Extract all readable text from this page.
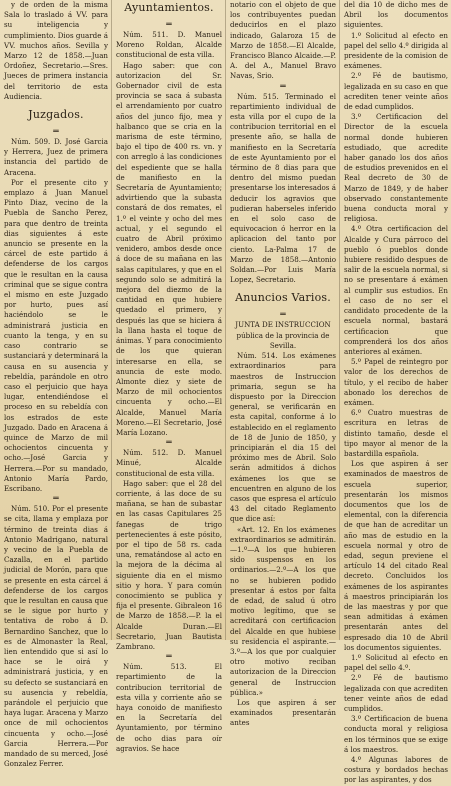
y de orden de la misma Sala lo traslado á VV. para su inteligencia y cumplimiento. Dios guarde á VV. muchos años. Sevilla y Marzo 12 de 1858.—Juan Ordoñez, Secretario.—Sres. Jueces de primera instancia del territorio de esta Audiencia.

Juzgados.
═

Núm. 509. D. José Garcia y Herrera, Juez de primera instancia del partido de Aracena.

Por el presente cito y emplazo á Juan Manuel Pinto Diaz, vecino de la Puebla de Sancho Perez, para que dentro de treinta dias siguientes á este anuncio se presente en la cárcel de este partido á defenderse de los cargos que le resultan en la causa criminal que se sigue contra el mismo en este Juzgado por hurto, pues así haciéndolo se le administrará justicia en cuanto la tenga, y en su caso contrario se sustanciará y determinará la causa en su ausencia y rebeldía, parándole en otro caso el perjuicio que haya lugar, entendiéndose el proceso en su rebeldía con los estrados de este Juzgado. Dado en Aracena á quince de Marzo de mil ochocientos cincuenta y ocho.—José Garcia y Herrera.—Por su mandado, Antonio María Pardo, Escribano.

═

Núm. 510. Por el presente se cita, llama y emplaza por término de treinta dias á Antonio Madrigano, natural y vecino de la Puebla de Cazalla, en el partido judicial de Morón, para que se presente en esta cárcel á defenderse de los cargos que le resultan en causa que se le sigue por hurto y tentativa de robo á D. Bernardino Sanchez, que lo es de Almonaster la Real, lien entendido que si así lo hace se le oirá y administrará justicia, y en su defecto se sustanciará en su ausencia y rebeldía, parándole el perjuicio que haya lugar. Aracena y Marzo once de mil ochocientos cincuenta y ocho.—José Garcia Herrera.—Por mandado de su merced, José Gonzalez Ferrer.

Ayuntamientos.
═

Núm. 511. D. Manuel Moreno Roldan, Alcalde constitucional de esta villa.

Hago saber: que con autorizacion del Sr. Gobernador civil de esta provincia se saca á subasta el arrendamiento por cuatro años del junco fijo, mea y halbanco que se cria en la marisma de este término, bajo el tipo de 400 rs. vn. y con arreglo á las condiciones del espediente que se halla de manifiesto en la Secretaría de Ayuntamiento; advirtiendo que la subasta constará de dos remates, el 1.º el veinte y ocho del mes actual, y el segundo el cuatro de Abril próximo venidero, ambos desde once á doce de su mañana en las salas capitulares, y que en el segundo solo se admitirá la mejora del diezmo de la cantidad en que hubiere quedado el primero, y después las que se hiciera á la llana hasta el toque de ánimas. Y para conocimiento de los que quieran interesarse en ella, se anuncia de este modo. Almonte diez y siete de Marzo de mil ochocientos cincuenta y ocho.—El Alcalde, Manuel María Moreno.—El Secretario, José María Lozano.

═

Núm. 512. D. Manuel Minué, Alcalde constitucional de esta villa.

Hago saber: que el 28 del corriente, á las doce de su mañana, se han de subastar en las casas Capitulares 25 fanegas de trigo pertenecientes á este pósito, por el tipo de 58 rs. cada una, rematándose al acto en la mejora de la décima al siguiente dia en el mismo sitio y hora. Y para común conocimiento se publica y fija el presente. Gibraleon 16 de Marzo de 1858.—P. la el Alcalde Duran.—El Secretario, Juan Bautista Zambrano.

═

Núm. 513. El repartimiento de la contribucion territorial de esta villa y corriente año se haya conoido de manifiesto en la Secretaría del Ayuntamiento, por término de ocho dias para oír agravios. Se hace

notario con el objeto de que los contribuyentes puedan deducirlos en el plazo indicado, Galaroza 15 de Marzo de 1858.—El Alcalde, Francisco Blanco Alcaide.—P. A. del A., Manuel Bravo Navas, Srio.

═

Núm. 515. Terminado el repartimiento individual de esta villa por el cupo de la contribucion territorial en el presente año, se halla de manifiesto en la Secretaría de este Ayuntamiento por el término de 8 dias para que dentro del mismo puedan presentarse los interesados á deducir los agravios que pudieran haberseles inferido en el solo caso de equivocacion ó herror en la aplicacion del tanto por ciento. La-Palma 17 de Marzo de 1858.—Antonio Soldan.—Por Luis María Lopez, Secretario.

Anuncios Varios.
═

JUNTA DE INSTRUCCION pública de la provincia de Sevilla.

Núm. 514. Los exámenes extraordinarios para maestros de Instruccion primaria, segun se ha dispuesto por la Direccion general, se verificarán en esta capital, conforme á lo establecido en el reglamento de 18 de Junio de 1850, y principiarán el dia 15 del próximo mes de Abril. Solo serán admitidos á dichos exámenes los que se encuentren en alguno de los casos que espresa el artículo 43 del citado Reglamento que dice así:

«Art. 12. En los exámenes extraordinarios se admitirán.—1.º—A los que hubieren sido suspensos en los ordinarios.—2.º—A los que no se hubieren podido presentar á estos por falta de edad, de salud ú otro motivo legítimo, que se acreditará con certificacion del Alcalde en que hubiese su residencia el aspirante.—3.º—A los que por cualquier otro motivo reciban autorizacion de la Direccion general de Instruccion pública.»

Los que aspiren á ser examinados presentarán antes

del dia 10 de dicho mes de Abril los documentos siguientes.

1.º Solicitud al efecto en papel del sello 4.º dirigida al presidente de la comision de exámenes.

2.º Fé de bautismo, legalizada en su caso en que acrediten tener veinte años de edad cumplidos.

3.º Certificacion del Director de la escuela normal donde hubieren estudiado, que acredite haber ganado los dos años de estudios prevenidos en el Real decreto de 30 de Marzo de 1849, y de haber observado constantemente buena conducta moral y religiosa.

4.º Otra certificacion del Alcalde y Cura párroco del pueblo ó pueblos donde hubiere residido despues de salir de la escuela normal, si no se presentare á exámen al cumplir sus estudios. En el caso de no ser el candidato procedente de la escuela normal, bastará certificacion que comprenderá los dos años anteriores al exámen.

5.º Papel de reintegro por valor de los derechos de título, y el recibo de haber abonado los derechos de exámen.

6.º Cuatro muestras de escritura en letras de distinto tamaño, desde el tipo mayor al menor de la bastardilla española.

Los que aspiren á ser examinados de maestros de escuela superior, presentarán los mismos documentos que los de elemental, con la diferencia de que han de acreditar un año mas de estudio en la escuela normal y otro de edad, segun previene el artículo 14 del citado Real decreto. Concluidos los exámenes de los aspirantes á maestros principiarán los de las maestras y por que sean admitidas á exámen presentarán antes del espresado dia 10 de Abril los documentos siguientes.

1.º Solicitud al efecto en papel del sello 4.º.

2.º Fé de bautismo legalizada con que acrediten tener veinte años de edad cumplidos.

3.º Certificacion de buena conducta moral y religiosa en los términos que se exige á los maestros.

4.º Algunas labores de costura y bordados hechas por las aspirantes, y dos
